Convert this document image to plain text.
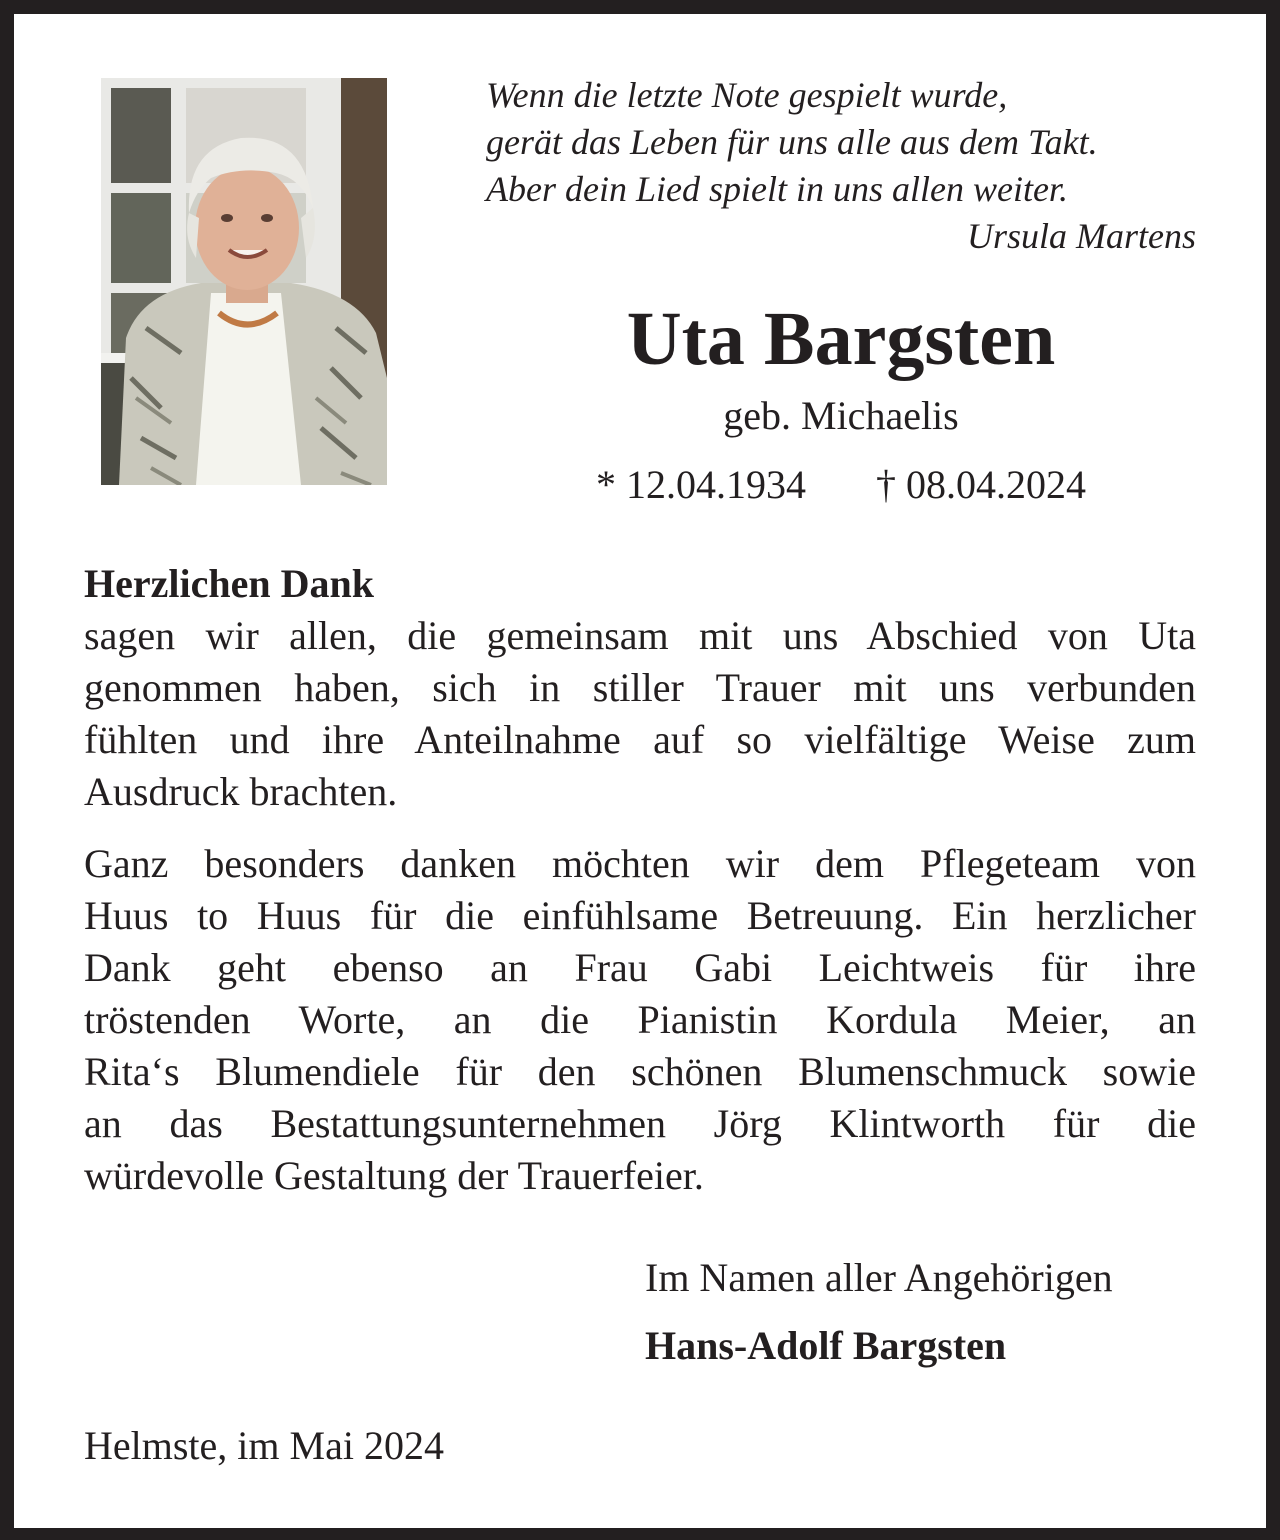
Wenn die letzte Note gespielt wurde,
gerät das Leben für uns alle aus dem Takt.
Aber dein Lied spielt in uns allen weiter.
Ursula Martens
Uta Bargsten
geb. Michaelis
* 12.04.1934 † 08.04.2024
Herzlichen Dank
sagen wir allen, die gemeinsam mit uns Abschied von Uta
genommen haben, sich in stiller Trauer mit uns verbunden
fühlten und ihre Anteilnahme auf so vielfältige Weise zum
Ausdruck brachten.
Ganz besonders danken möchten wir dem Pflegeteam von
Huus to Huus für die einfühlsame Betreuung. Ein herzlicher
Dank geht ebenso an Frau Gabi Leichtweis für ihre
tröstenden Worte, an die Pianistin Kordula Meier, an
Rita‘s Blumendiele für den schönen Blumenschmuck sowie
an das Bestattungsunternehmen Jörg Klintworth für die
würdevolle Gestaltung der Trauerfeier.
Im Namen aller Angehörigen
Hans-Adolf Bargsten
Helmste, im Mai 2024
